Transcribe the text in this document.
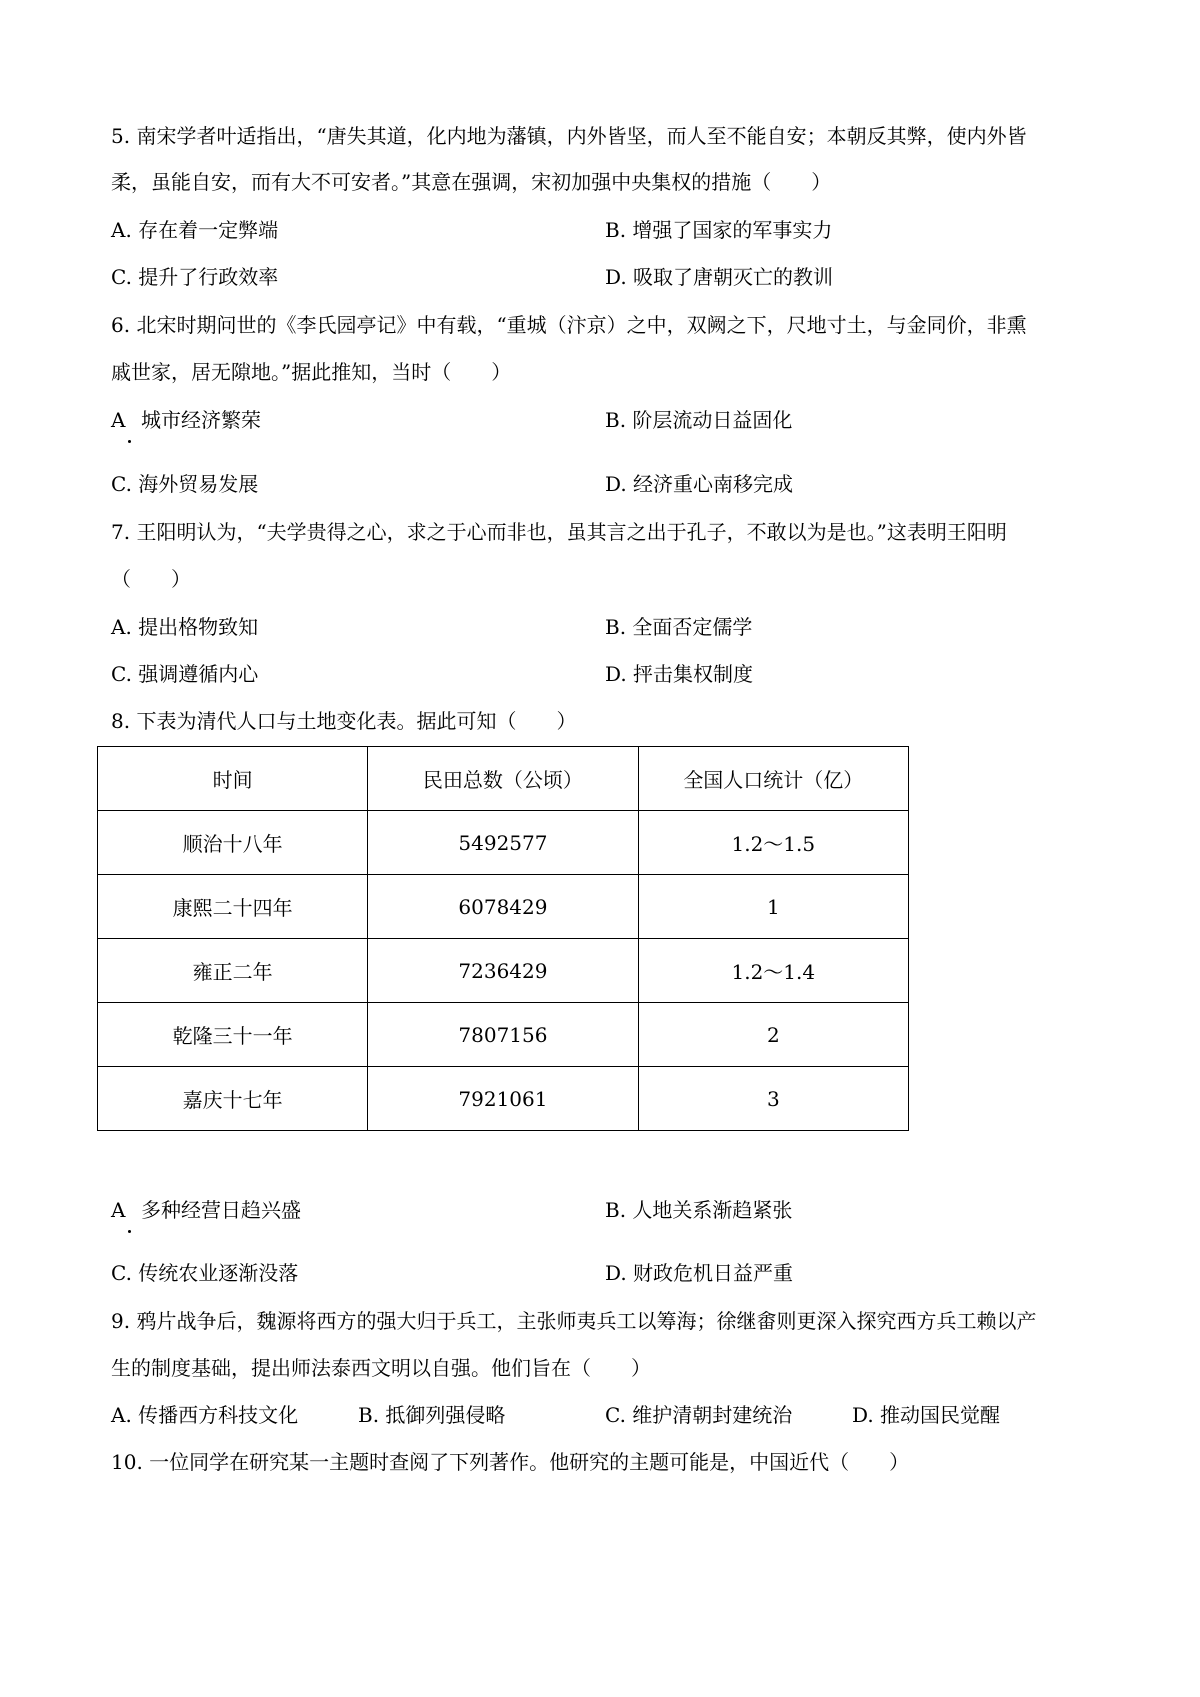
5. 南宋学者叶适指出，“唐失其道，化内地为藩镇，内外皆坚，而人至不能自安；本朝反其弊，使内外皆
柔，虽能自安，而有大不可安者。”其意在强调，宋初加强中央集权的措施（　　）
A. 存在着一定弊端	B. 增强了国家的军事实力
C. 提升了行政效率	D. 吸取了唐朝灭亡的教训
6. 北宋时期问世的《李氏园亭记》中有载，“重城（汴京）之中，双阙之下，尺地寸土，与金同价，非熏
戚世家，居无隙地。”据此推知，当时（　　）
A 城市经济繁荣	B. 阶层流动日益固化
C. 海外贸易发展	D. 经济重心南移完成
7. 王阳明认为，“夫学贵得之心，求之于心而非也，虽其言之出于孔子，不敢以为是也。”这表明王阳明
（　　）
A. 提出格物致知	B. 全面否定儒学
C. 强调遵循内心	D. 抨击集权制度
8. 下表为清代人口与土地变化表。据此可知（　　）
时间	民田总数（公顷）	全国人口统计（亿）
顺治十八年	5492577	1.2～1.5
康熙二十四年	6078429	1
雍正二年	7236429	1.2～1.4
乾隆三十一年	7807156	2
嘉庆十七年	7921061	3
A 多种经营日趋兴盛	B. 人地关系渐趋紧张
C. 传统农业逐渐没落	D. 财政危机日益严重
9. 鸦片战争后，魏源将西方的强大归于兵工，主张师夷兵工以筹海；徐继畬则更深入探究西方兵工赖以产
生的制度基础，提出师法泰西文明以自强。他们旨在（　　）
A. 传播西方科技文化	B. 抵御列强侵略	C. 维护清朝封建统治	D. 推动国民觉醒
10. 一位同学在研究某一主题时查阅了下列著作。他研究的主题可能是，中国近代（　　）
